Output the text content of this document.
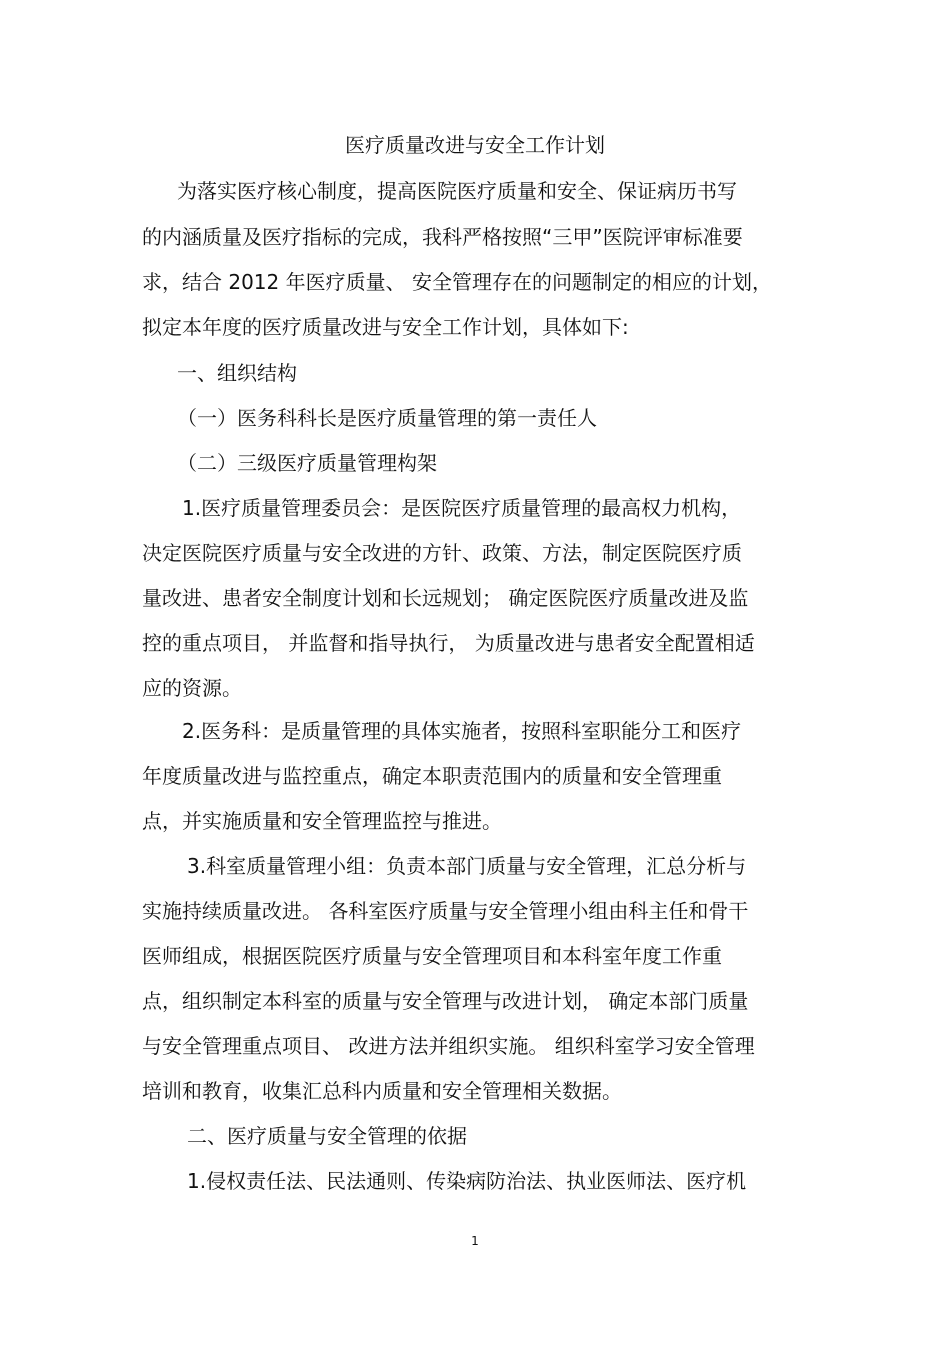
医疗质量改进与安全工作计划
为落实医疗核心制度，提高医院医疗质量和安全、保证病历书写
的内涵质量及医疗指标的完成，我科严格按照“三甲”医院评审标准要
求，结合 2012 年医疗质量、 安全管理存在的问题制定的相应的计划，
拟定本年度的医疗质量改进与安全工作计划，具体如下:
一、组织结构
（一）医务科科长是医疗质量管理的第一责任人
（二）三级医疗质量管理构架
1.医疗质量管理委员会：是医院医疗质量管理的最高权力机构，
决定医院医疗质量与安全改进的方针、政策、方法，制定医院医疗质
量改进、患者安全制度计划和长远规划； 确定医院医疗质量改进及监
控的重点项目， 并监督和指导执行， 为质量改进与患者安全配置相适
应的资源。
2.医务科：是质量管理的具体实施者，按照科室职能分工和医疗
年度质量改进与监控重点，确定本职责范围内的质量和安全管理重
点，并实施质量和安全管理监控与推进。
3.科室质量管理小组：负责本部门质量与安全管理，汇总分析与
实施持续质量改进。 各科室医疗质量与安全管理小组由科主任和骨干
医师组成，根据医院医疗质量与安全管理项目和本科室年度工作重
点，组织制定本科室的质量与安全管理与改进计划， 确定本部门质量
与安全管理重点项目、 改进方法并组织实施。 组织科室学习安全管理
培训和教育，收集汇总科内质量和安全管理相关数据。
二、医疗质量与安全管理的依据
1.侵权责任法、民法通则、传染病防治法、执业医师法、医疗机
1
